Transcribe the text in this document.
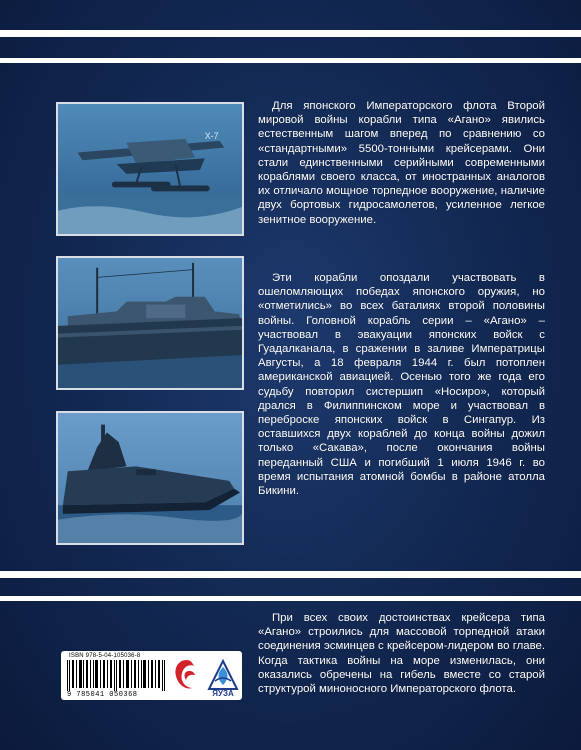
X-7

Для японского Императорского флота Второй мировой войны корабли типа «Агано» явились естественным шагом вперед по сравнению со «стандартными» 5500-тонными крейсерами. Они стали единственными серийными современными кораблями своего класса, от иностранных аналогов их отличало мощное торпедное вооружение, наличие двух бортовых гидросамолетов, усиленное легкое зенитное вооружение.

Эти корабли опоздали участвовать в ошеломляющих победах японского оружия, но «отметились» во всех баталиях второй половины войны. Головной корабль серии – «Агано» – участвовал в эвакуации японских войск с Гуадалканала, в сражении в заливе Императрицы Августы, а 18 февраля 1944 г. был потоплен американской авиацией. Осенью того же года его судьбу повторил систершип «Носиро», который дрался в Филиппинском море и участвовал в переброске японских войск в Сингапур. Из оставшихся двух кораблей до конца войны дожил только «Сакава», после окончания войны переданный США и погибший 1 июля 1946 г. во время испытания атомной бомбы в районе атолла Бикини.

При всех своих достоинствах крейсера типа «Агано» строились для массовой торпедной атаки соединения эсминцев с крейсером-лидером во главе. Когда тактика войны на море изменилась, они оказались обречены на гибель вместе со старой структурой миноносного Императорского флота.

ISBN 978-5-04-105036-8
9 785041 050368	ЯУЗА
